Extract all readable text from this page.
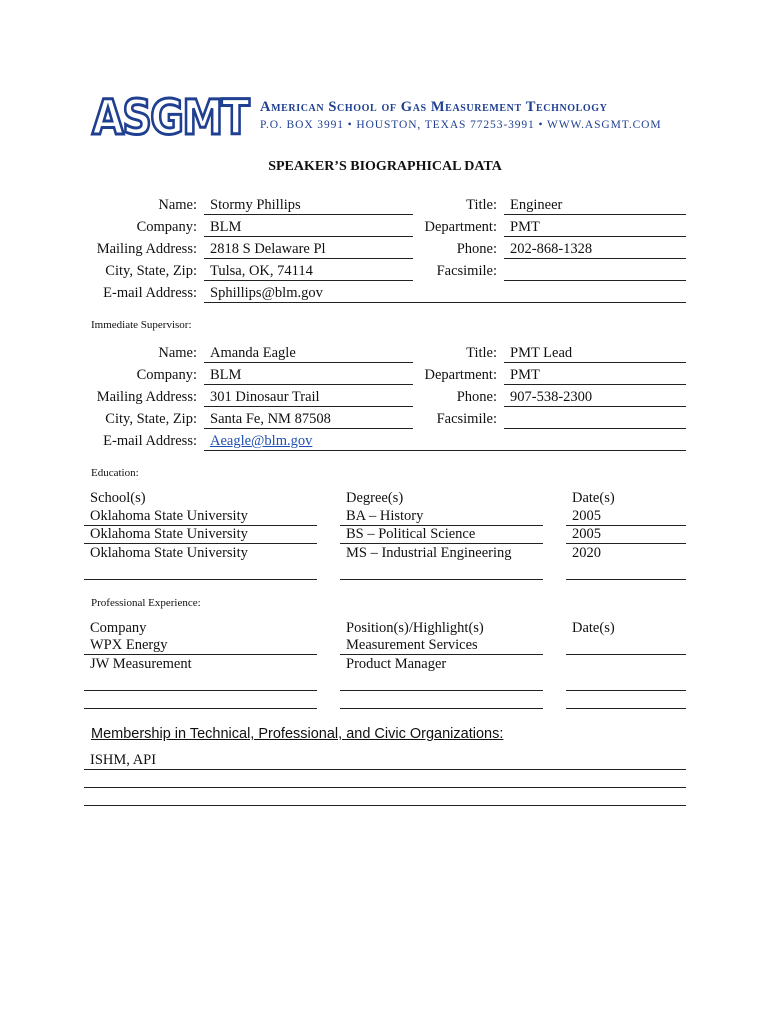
ASGMT American School of Gas Measurement Technology
P.O. BOX 3991 • HOUSTON, TEXAS 77253-3991 • WWW.ASGMT.COM
SPEAKER’S BIOGRAPHICAL DATA
Name: Stormy Phillips	Title: Engineer
Company: BLM	Department: PMT
Mailing Address: 2818 S Delaware Pl	Phone: 202-868-1328
City, State, Zip: Tulsa, OK, 74114	Facsimile:
E-mail Address: Sphillips@blm.gov
Immediate Supervisor:
Name: Amanda Eagle	Title: PMT Lead
Company: BLM	Department: PMT
Mailing Address: 301 Dinosaur Trail	Phone: 907-538-2300
City, State, Zip: Santa Fe, NM 87508	Facsimile:
E-mail Address: Aeagle@blm.gov
Education:
School(s)	Degree(s)	Date(s)
Oklahoma State University	BA – History	2005
Oklahoma State University	BS – Political Science	2005
Oklahoma State University	MS – Industrial Engineering	2020
Professional Experience:
Company	Position(s)/Highlight(s)	Date(s)
WPX Energy	Measurement Services
JW Measurement	Product Manager
Membership in Technical, Professional, and Civic Organizations:
ISHM, API
